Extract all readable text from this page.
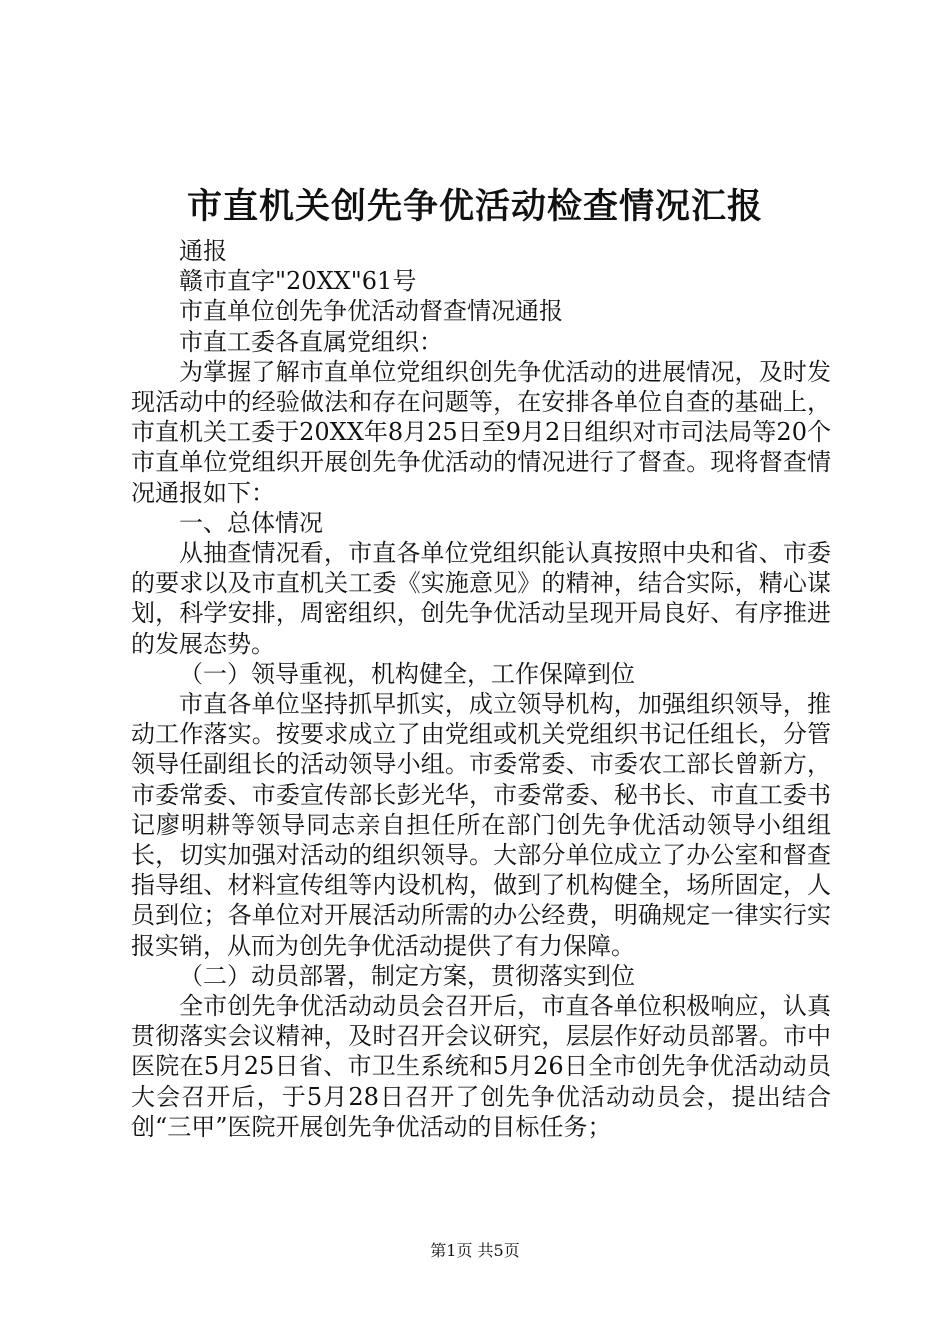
市直机关创先争优活动检查情况汇报

通报

赣市直字"20XX"61号

市直单位创先争优活动督查情况通报

市直工委各直属党组织：

为掌握了解市直单位党组织创先争优活动的进展情况，及时发现活动中的经验做法和存在问题等，在安排各单位自查的基础上，市直机关工委于20XX年8月25日至9月2日组织对市司法局等20个市直单位党组织开展创先争优活动的情况进行了督查。现将督查情况通报如下：

一、总体情况

从抽查情况看，市直各单位党组织能认真按照中央和省、市委的要求以及市直机关工委《实施意见》的精神，结合实际，精心谋划，科学安排，周密组织，创先争优活动呈现开局良好、有序推进的发展态势。

（一）领导重视，机构健全，工作保障到位

市直各单位坚持抓早抓实，成立领导机构，加强组织领导，推动工作落实。按要求成立了由党组或机关党组织书记任组长，分管领导任副组长的活动领导小组。市委常委、市委农工部长曾新方，市委常委、市委宣传部长彭光华，市委常委、秘书长、市直工委书记廖明耕等领导同志亲自担任所在部门创先争优活动领导小组组长，切实加强对活动的组织领导。大部分单位成立了办公室和督查指导组、材料宣传组等内设机构，做到了机构健全，场所固定，人员到位；各单位对开展活动所需的办公经费，明确规定一律实行实报实销，从而为创先争优活动提供了有力保障。

（二）动员部署，制定方案，贯彻落实到位

全市创先争优活动动员会召开后，市直各单位积极响应，认真贯彻落实会议精神，及时召开会议研究，层层作好动员部署。市中医院在5月25日省、市卫生系统和5月26日全市创先争优活动动员大会召开后，于5月28日召开了创先争优活动动员会，提出结合创“三甲”医院开展创先争优活动的目标任务；

第1页 共5页
